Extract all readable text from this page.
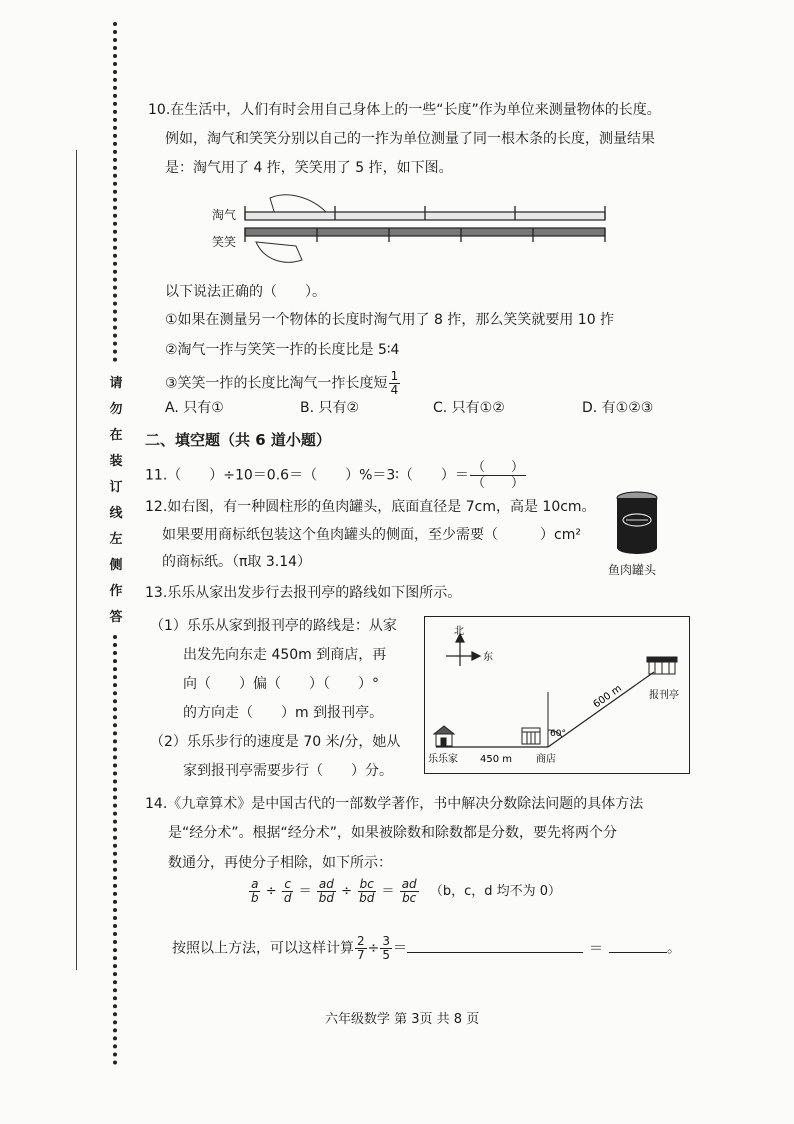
请
勿
在
装
订
线
左
侧
作
答
10.在生活中，人们有时会用自己身体上的一些“长度”作为单位来测量物体的长度。
例如，淘气和笑笑分别以自己的一拃为单位测量了同一根木条的长度，测量结果
是：淘气用了 4 拃，笑笑用了 5 拃，如下图。
淘气
笑笑
以下说法正确的（　　）。
①如果在测量另一个物体的长度时淘气用了 8 拃，那么笑笑就要用 10 拃
②淘气一拃与笑笑一拃的长度比是 5∶4
③笑笑一拃的长度比淘气一拃长度短 $\frac{1}{4}$
A. 只有①	B. 只有②	C. 只有①②	D. 有①②③
二、填空题（共 6 道小题）
11.（　　）÷10＝0.6＝（　　）%＝3∶（　　）＝ $\frac{( )}{( )}$
12.如右图，有一种圆柱形的鱼肉罐头，底面直径是 7cm，高是 10cm。
如果要用商标纸包装这个鱼肉罐头的侧面，至少需要（　　　）cm²
的商标纸。（π取 3.14）	鱼肉罐头
13.乐乐从家出发步行去报刊亭的路线如下图所示。
（1）乐乐从家到报刊亭的路线是：从家
出发先向东走 450m 到商店，再
向（　　）偏（　　）（　　）°
的方向走（　　）m 到报刊亭。
（2）乐乐步行的速度是 70 米/分，她从
家到报刊亭需要步行（　　）分。
北
东
60°
600 m
450 m
乐乐家	商店
报刊亭
14.《九章算术》是中国古代的一部数学著作，书中解决分数除法问题的具体方法
是“经分术”。根据“经分术”，如果被除数和除数都是分数，要先将两个分
数通分，再使分子相除，如下所示：
$\frac{a}{b} \div \frac{c}{d} = \frac{ad}{bd} \div \frac{bc}{bd} = \frac{ad}{bc} (b$，c，d 均不为 0）
按照以上方法，可以这样计算 $\frac{2}{7} \div \frac{3}{5}$ ＝	＝	。
六年级数学 第 3页 共 8 页
